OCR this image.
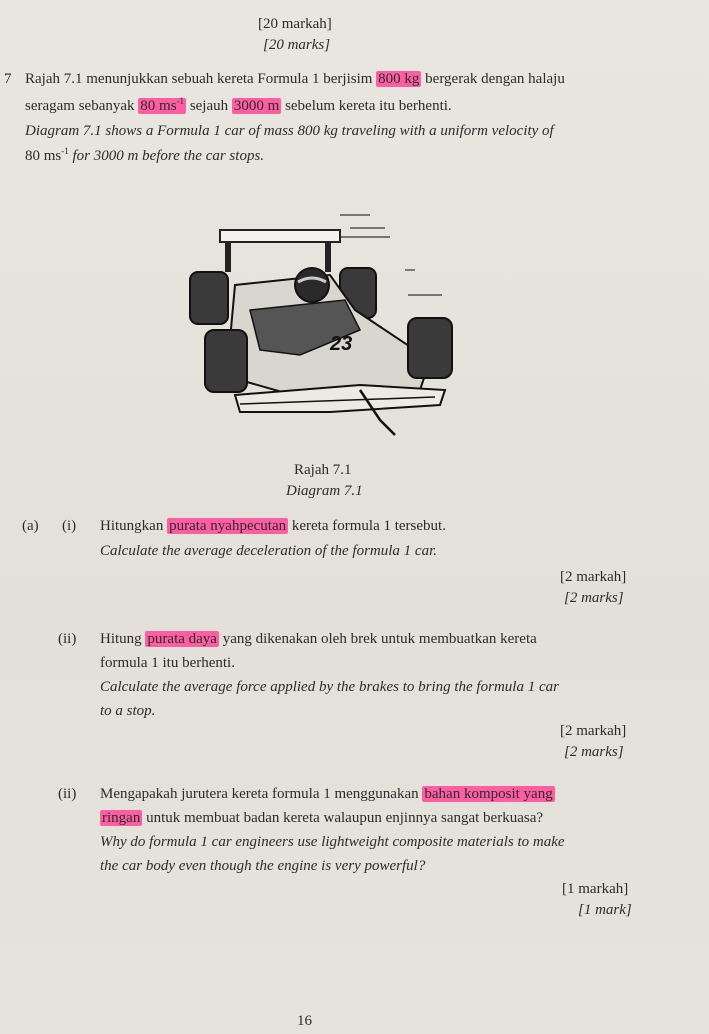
[20 markah]
[20 marks]
7 Rajah 7.1 menunjukkan sebuah kereta Formula 1 berjisim 800 kg bergerak dengan halaju
seragam sebanyak 80 $ms^{-1}$ sejauh 3000 m sebelum kereta itu berhenti.
Diagram 7.1 shows a Formula 1 car of mass 800 kg traveling with a uniform velocity of
80 $ms^{-1}$ for 3000 m before the car stops.
23
Rajah 7.1
Diagram 7.1
(a) (i) Hitungkan purata nyahpecutan kereta formula 1 tersebut.
Calculate the average deceleration of the formula 1 car.
[2 markah]
[2 marks]
(ii) Hitung purata daya yang dikenakan oleh brek untuk membuatkan kereta
formula 1 itu berhenti.
Calculate the average force applied by the brakes to bring the formula 1 car
to a stop.
[2 markah]
[2 marks]
(ii) Mengapakah jurutera kereta formula 1 menggunakan bahan komposit yang
ringan untuk membuat badan kereta walaupun enjinnya sangat berkuasa?
Why do formula 1 car engineers use lightweight composite materials to make
the car body even though the engine is very powerful?
[1 markah]
[1 mark]
16
